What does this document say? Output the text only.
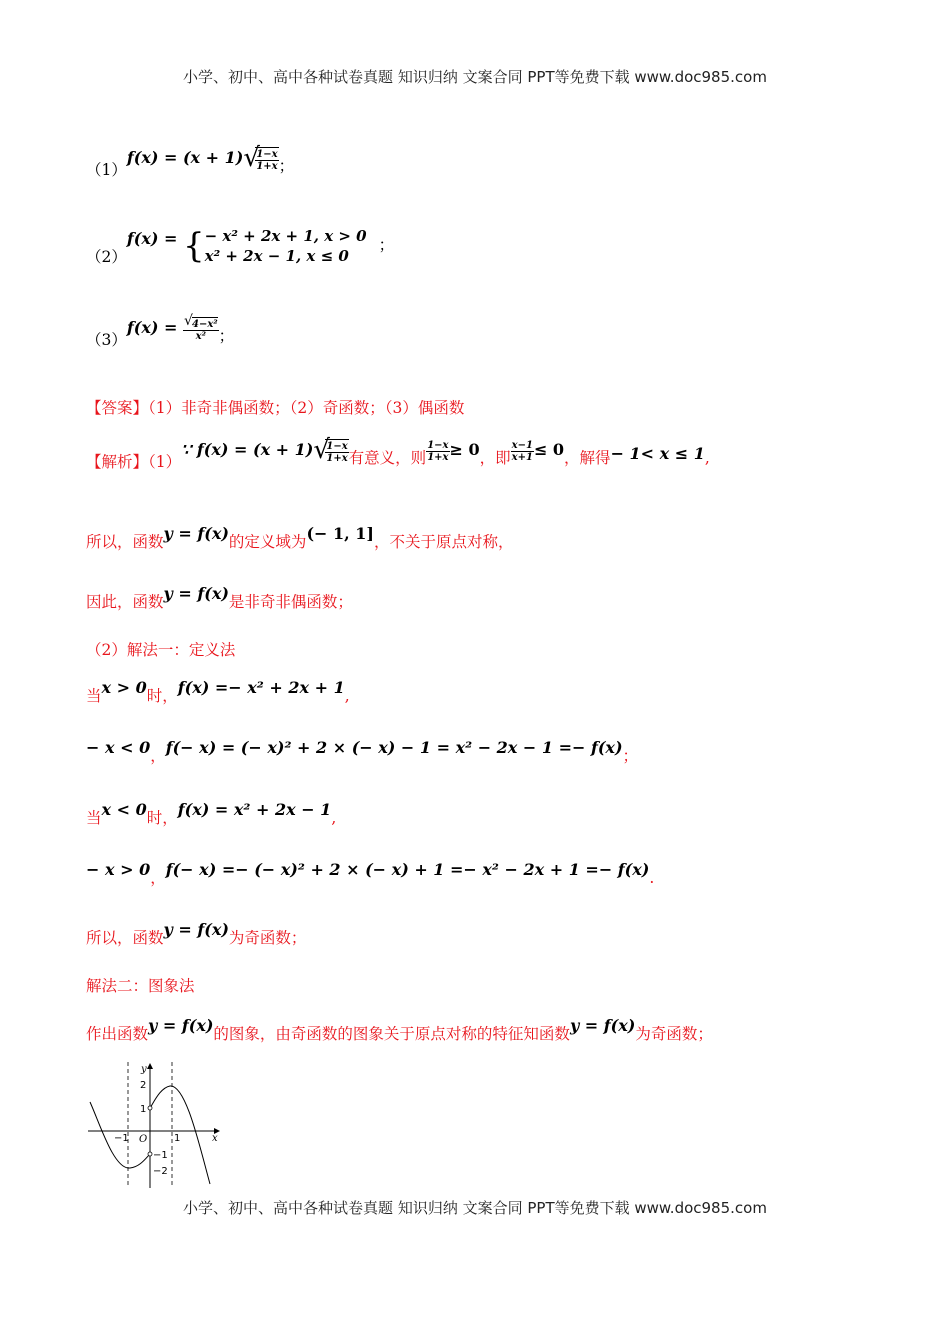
小学、初中、高中各种试卷真题 知识归纳 文案合同 PPT等免费下载 www.doc985.com
（1）f(x) = (x + 1) √
$\frac{1-x}{1+x}$ ；
（2）f(x) = { − x² + 2x + 1, x > 0
x² + 2x − 1, x ≤ 0
；
$(3)f(x) = \frac{\text{√ 4−x²}}{\text{x²}}$ ；
【答案】（1）非奇非偶函数；（2）奇函数；（3）偶函数
【解析】（1）∵ f(x) = (x + 1) √
$\frac{1-x}{1+x}$ 有意义，则 $\frac{1-x}{1+x} \ge 0$，即 $\frac{x-1}{x+1} \le 0$，解得− 1< x ≤ 1,
所以，函数y = f(x)的定义域为(− 1, 1]，不关于原点对称，
因此，函数y = f(x)是非奇非偶函数；
（2）解法一：定义法
当x > 0时，f(x) =− x² + 2x + 1,
− x < 0，f(− x) = (− x)² + 2 × (− x) − 1 = x² − 2x − 1 =− f(x)；
当x < 0时，f(x) = x² + 2x − 1,
− x > 0，f(− x) =− (− x)² + 2 × (− x) + 1 =− x² − 2x + 1 =− f(x).
所以，函数y = f(x)为奇函数；
解法二：图象法
作出函数y = f(x)的图象，由奇函数的图象关于原点对称的特征知函数y = f(x)为奇函数；
y
x
O
2
1
−1	1
−1
−2
小学、初中、高中各种试卷真题 知识归纳 文案合同 PPT等免费下载 www.doc985.com
